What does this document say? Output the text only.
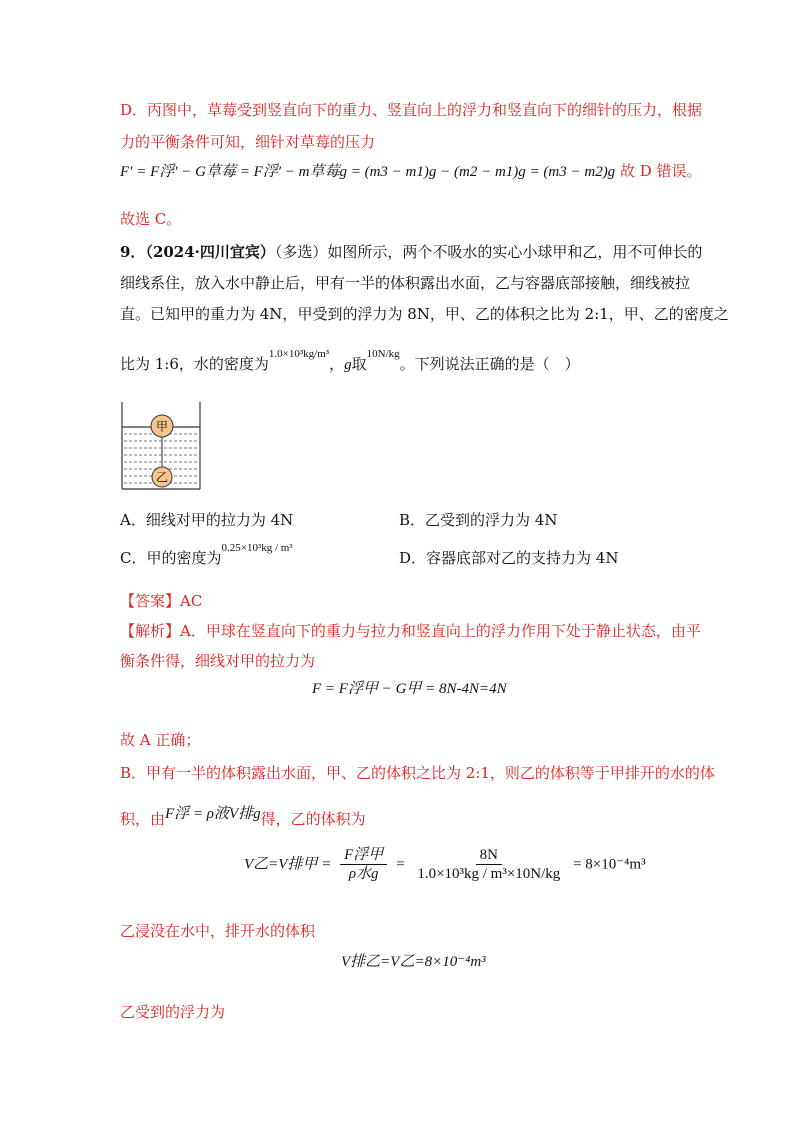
D．丙图中，草莓受到竖直向下的重力、竖直向上的浮力和竖直向下的细针的压力，根据
力的平衡条件可知，细针对草莓的压力
F′ = F浮′ − G草莓 = F浮′ − m草莓g = (m3 − m1)g − (m2 − m1)g = (m3 − m2)g 故 D 错误。
故选 C。
9．（2024·四川宜宾）（多选）如图所示，两个不吸水的实心小球甲和乙，用不可伸长的
细线系住，放入水中静止后，甲有一半的体积露出水面，乙与容器底部接触，细线被拉
直。已知甲的重力为 4N，甲受到的浮力为 8N，甲、乙的体积之比为 2:1，甲、乙的密度之
比为 1:6，水的密度为$^{1.0\times 10^3kg/m^3}$，g取$^{10N/kg}$。下列说法正确的是（　）
甲
乙
A．细线对甲的拉力为 4N	B．乙受到的浮力为 4N
C．甲的密度为$^{0.25\times 10^3kg / m^3}$
D．容器底部对乙的支持力为 4N
【答案】AC
【解析】A．甲球在竖直向下的重力与拉力和竖直向上的浮力作用下处于静止状态，由平
衡条件得，细线对甲的拉力为
F = F浮甲 − G甲 = 8N-4N=4N
故 A 正确；
B．甲有一半的体积露出水面，甲、乙的体积之比为 2:1，则乙的体积等于甲排开的水的体
积，由F浮 = ρ液V排g得，乙的体积为
V乙=V排甲 = $\frac{\text{F浮甲}}{\text{ρ水g}} = \frac{8N}{\text{1.0×10³kg / m³×10N/kg}} = 8\times 10^{-4}m^3$
乙浸没在水中，排开水的体积
V排乙=V乙=8×10⁻⁴m³
乙受到的浮力为
